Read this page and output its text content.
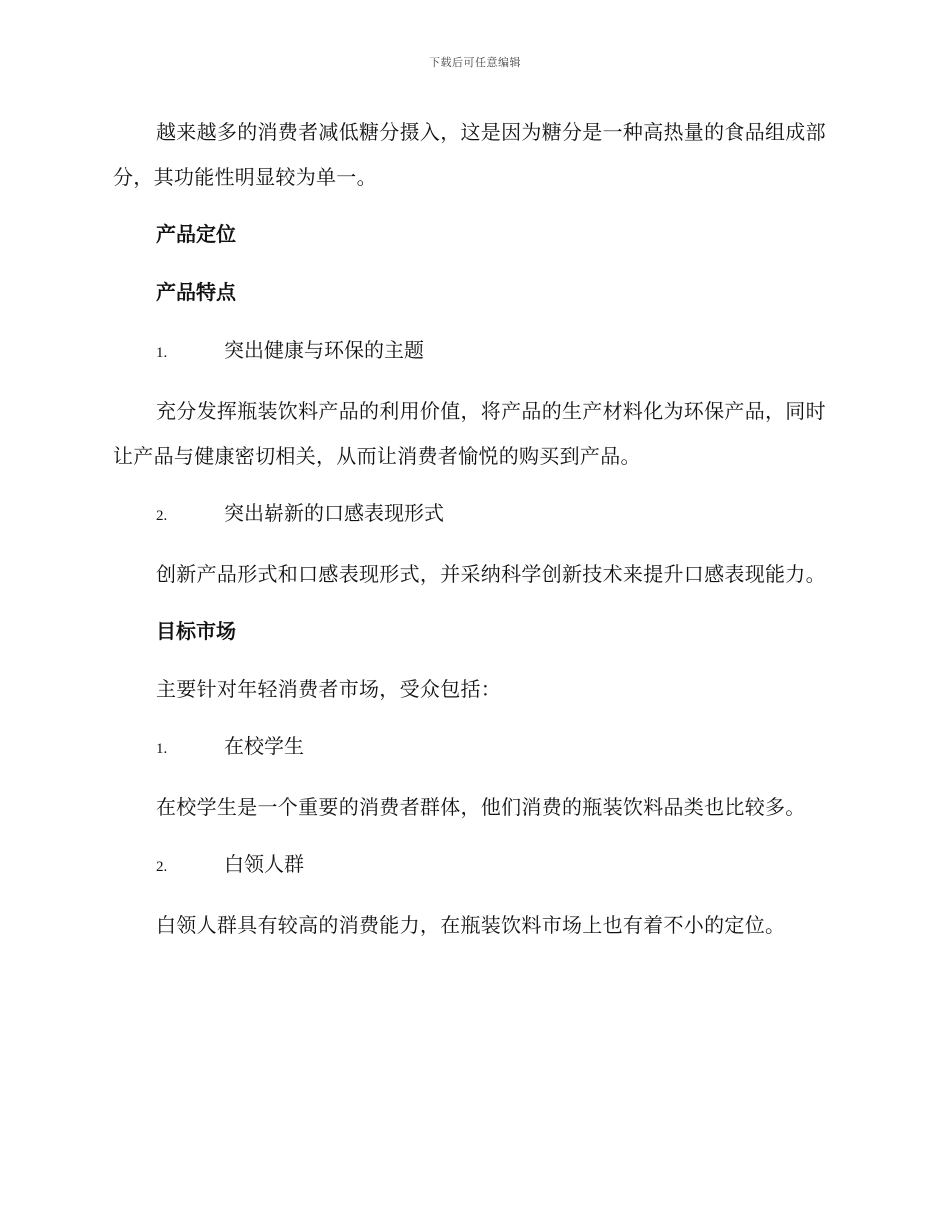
下载后可任意编辑

越来越多的消费者减低糖分摄入，这是因为糖分是一种高热量的食品组成部分，其功能性明显较为单一。

产品定位
产品特点
1.	突出健康与环保的主题

充分发挥瓶装饮料产品的利用价值，将产品的生产材料化为环保产品，同时让产品与健康密切相关，从而让消费者愉悦的购买到产品。

2.	突出崭新的口感表现形式

创新产品形式和口感表现形式，并采纳科学创新技术来提升口感表现能力。

目标市场

主要针对年轻消费者市场，受众包括：

1.	在校学生

在校学生是一个重要的消费者群体，他们消费的瓶装饮料品类也比较多。

2.	白领人群

白领人群具有较高的消费能力，在瓶装饮料市场上也有着不小的定位。
